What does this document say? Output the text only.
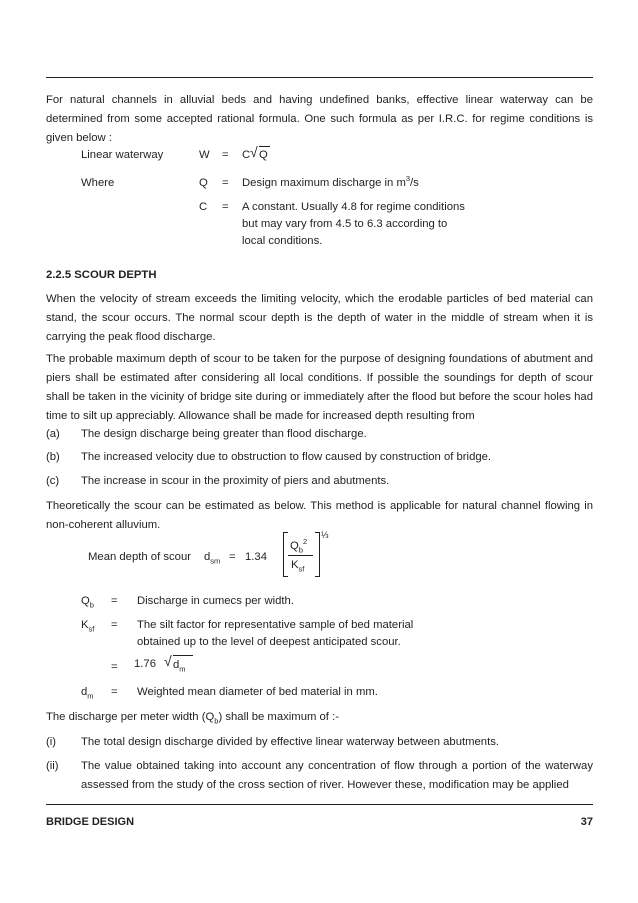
For natural channels in alluvial beds and having undefined banks, effective linear waterway can be determined from some accepted rational formula. One such formula as per I.R.C. for regime conditions is given below :

Linear waterway	W = C √ Q
Where	Q = Design maximum discharge in $m^3/s$
C = A constant. Usually 4.8 for regime conditions
but may vary from 4.5 to 6.3 according to
local conditions.
2.2.5 SCOUR DEPTH

When the velocity of stream exceeds the limiting velocity, which the erodable particles of bed material can stand, the scour occurs. The normal scour depth is the depth of water in the middle of stream when it is carrying the peak flood discharge.

The probable maximum depth of scour to be taken for the purpose of designing foundations of abutment and piers shall be estimated after considering all local conditions. If possible the soundings for depth of scour shall be taken in the vicinity of bridge site during or immediately after the flood but before the scour holes had time to silt up appreciably. Allowance shall be made for increased depth resulting from

(a) The design discharge being greater than flood discharge.
(b) The increased velocity due to obstruction to flow caused by construction of bridge.
(c) The increase in scour in the proximity of piers and abutments.

Theoretically the scour can be estimated as below. This method is applicable for natural channel flowing in non-coherent alluvium.

Mean depth of scour $d_{sm} = 1.34$
$Q_b^2$
$K_{sf}$
⅓
$Q_b$ = Discharge in cumecs per width.
$K_{sf}$ = The silt factor for representative sample of bed material
obtained up to the level of deepest anticipated scour.
= 1.76 √ $d_m$
$d_m$ = Weighted mean diameter of bed material in mm.
The discharge per meter width $(Q_b)$ shall be maximum of :-
(i) The total design discharge divided by effective linear waterway between abutments.
(ii) The value obtained taking into account any concentration of flow through a portion of the waterway assessed from the study of the cross section of river. However these, modification may be applied
BRIDGE DESIGN	37
